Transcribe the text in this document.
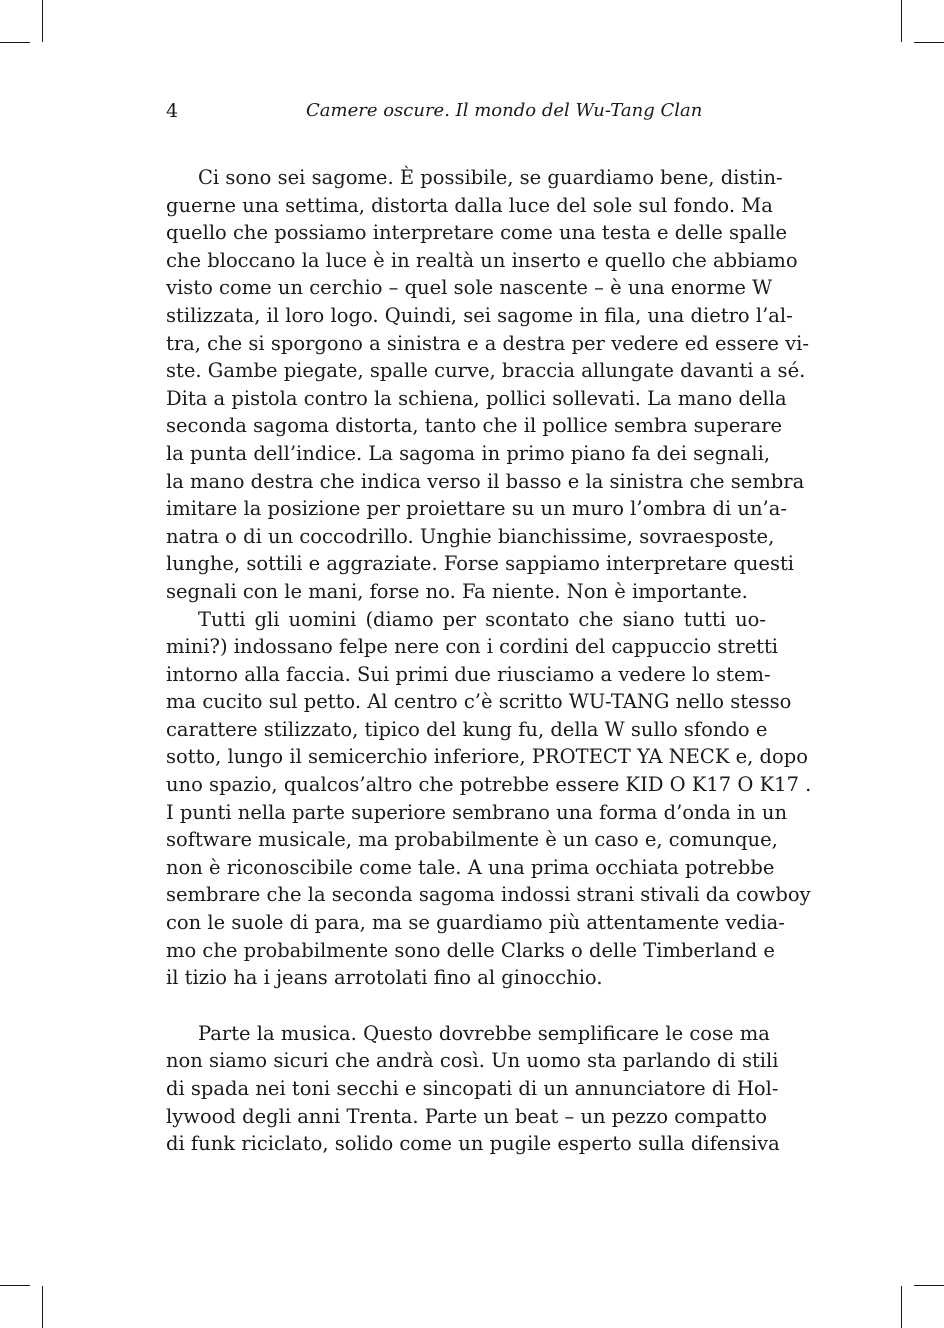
4	Camere oscure. Il mondo del Wu-Tang Clan
Ci sono sei sagome. È possibile, se guardiamo bene, distin-
guerne una settima, distorta dalla luce del sole sul fondo. Ma
quello che possiamo interpretare come una testa e delle spalle
che bloccano la luce è in realtà un inserto e quello che abbiamo
visto come un cerchio – quel sole nascente – è una enorme W
stilizzata, il loro logo. Quindi, sei sagome in fila, una dietro l’al-
tra, che si sporgono a sinistra e a destra per vedere ed essere vi-
ste. Gambe piegate, spalle curve, braccia allungate davanti a sé.
Dita a pistola contro la schiena, pollici sollevati. La mano della
seconda sagoma distorta, tanto che il pollice sembra superare
la punta dell’indice. La sagoma in primo piano fa dei segnali,
la mano destra che indica verso il basso e la sinistra che sembra
imitare la posizione per proiettare su un muro l’ombra di un’a-
natra o di un coccodrillo. Unghie bianchissime, sovraesposte,
lunghe, sottili e aggraziate. Forse sappiamo interpretare questi
segnali con le mani, forse no. Fa niente. Non è importante.
Tutti gli uomini (diamo per scontato che siano tutti uo-
mini?) indossano felpe nere con i cordini del cappuccio stretti
intorno alla faccia. Sui primi due riusciamo a vedere lo stem-
ma cucito sul petto. Al centro c’è scritto WU-TANG nello stesso
carattere stilizzato, tipico del kung fu, della W sullo sfondo e
sotto, lungo il semicerchio inferiore, PROTECT YA NECK e, dopo
uno spazio, qualcos’altro che potrebbe essere KID O K17 O K17 .
I punti nella parte superiore sembrano una forma d’onda in un
software musicale, ma probabilmente è un caso e, comunque,
non è riconoscibile come tale. A una prima occhiata potrebbe
sembrare che la seconda sagoma indossi strani stivali da cowboy
con le suole di para, ma se guardiamo più attentamente vedia-
mo che probabilmente sono delle Clarks o delle Timberland e
il tizio ha i jeans arrotolati fino al ginocchio.
Parte la musica. Questo dovrebbe semplificare le cose ma
non siamo sicuri che andrà così. Un uomo sta parlando di stili
di spada nei toni secchi e sincopati di un annunciatore di Hol-
lywood degli anni Trenta. Parte un beat – un pezzo compatto
di funk riciclato, solido come un pugile esperto sulla difensiva
